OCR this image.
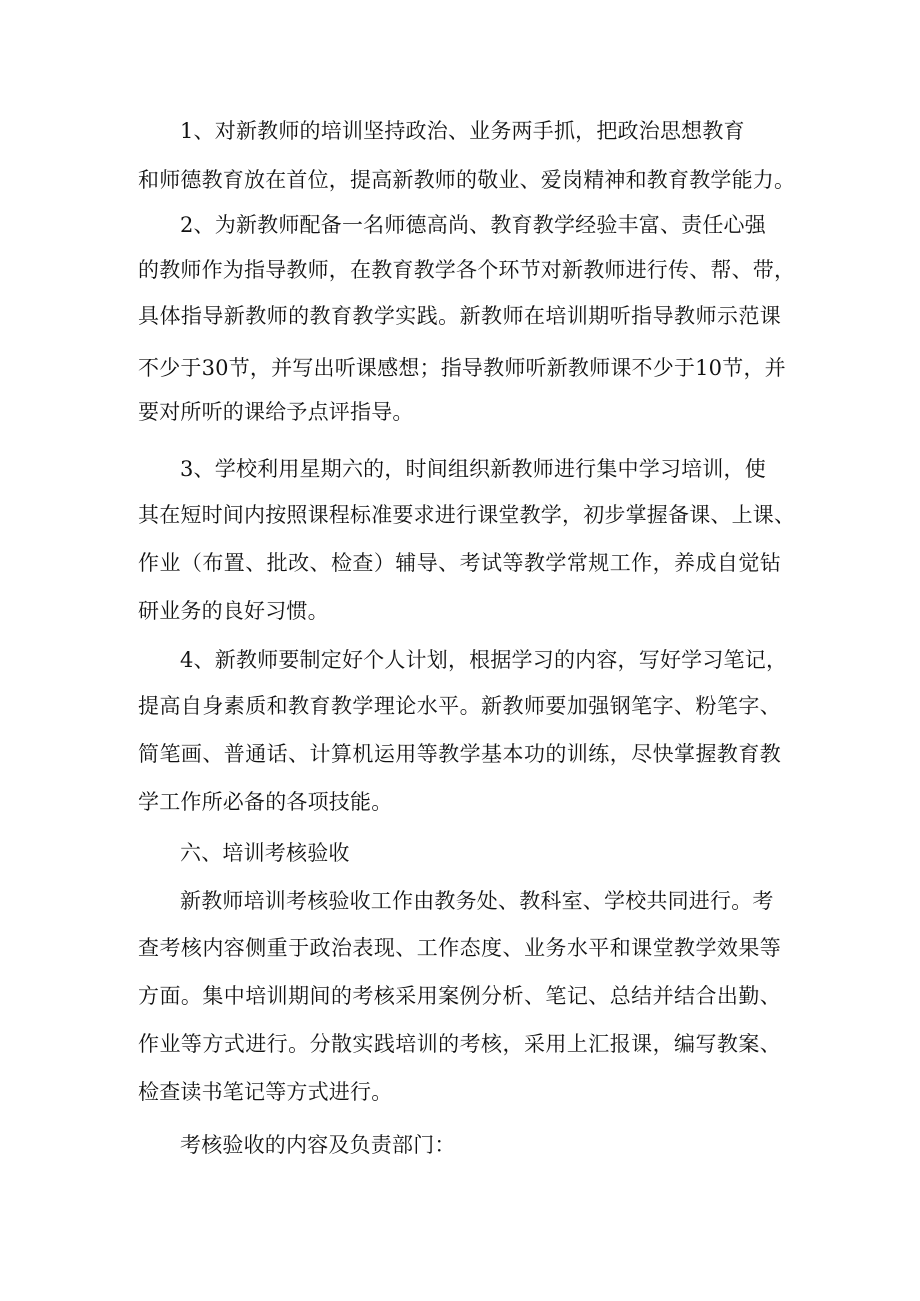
1、对新教师的培训坚持政治、业务两手抓，把政治思想教育
和师德教育放在首位，提高新教师的敬业、爱岗精神和教育教学能力。
2、为新教师配备一名师德高尚、教育教学经验丰富、责任心强
的教师作为指导教师，在教育教学各个环节对新教师进行传、帮、带，
具体指导新教师的教育教学实践。新教师在培训期听指导教师示范课
不少于30节，并写出听课感想；指导教师听新教师课不少于10节，并
要对所听的课给予点评指导。
3、学校利用星期六的，时间组织新教师进行集中学习培训，使
其在短时间内按照课程标准要求进行课堂教学，初步掌握备课、上课、
作业（布置、批改、检查）辅导、考试等教学常规工作，养成自觉钻
研业务的良好习惯。
4、新教师要制定好个人计划，根据学习的内容，写好学习笔记，
提高自身素质和教育教学理论水平。新教师要加强钢笔字、粉笔字、
简笔画、普通话、计算机运用等教学基本功的训练，尽快掌握教育教
学工作所必备的各项技能。
六、培训考核验收
新教师培训考核验收工作由教务处、教科室、学校共同进行。考
查考核内容侧重于政治表现、工作态度、业务水平和课堂教学效果等
方面。集中培训期间的考核采用案例分析、笔记、总结并结合出勤、
作业等方式进行。分散实践培训的考核，采用上汇报课，编写教案、
检查读书笔记等方式进行。
考核验收的内容及负责部门：
